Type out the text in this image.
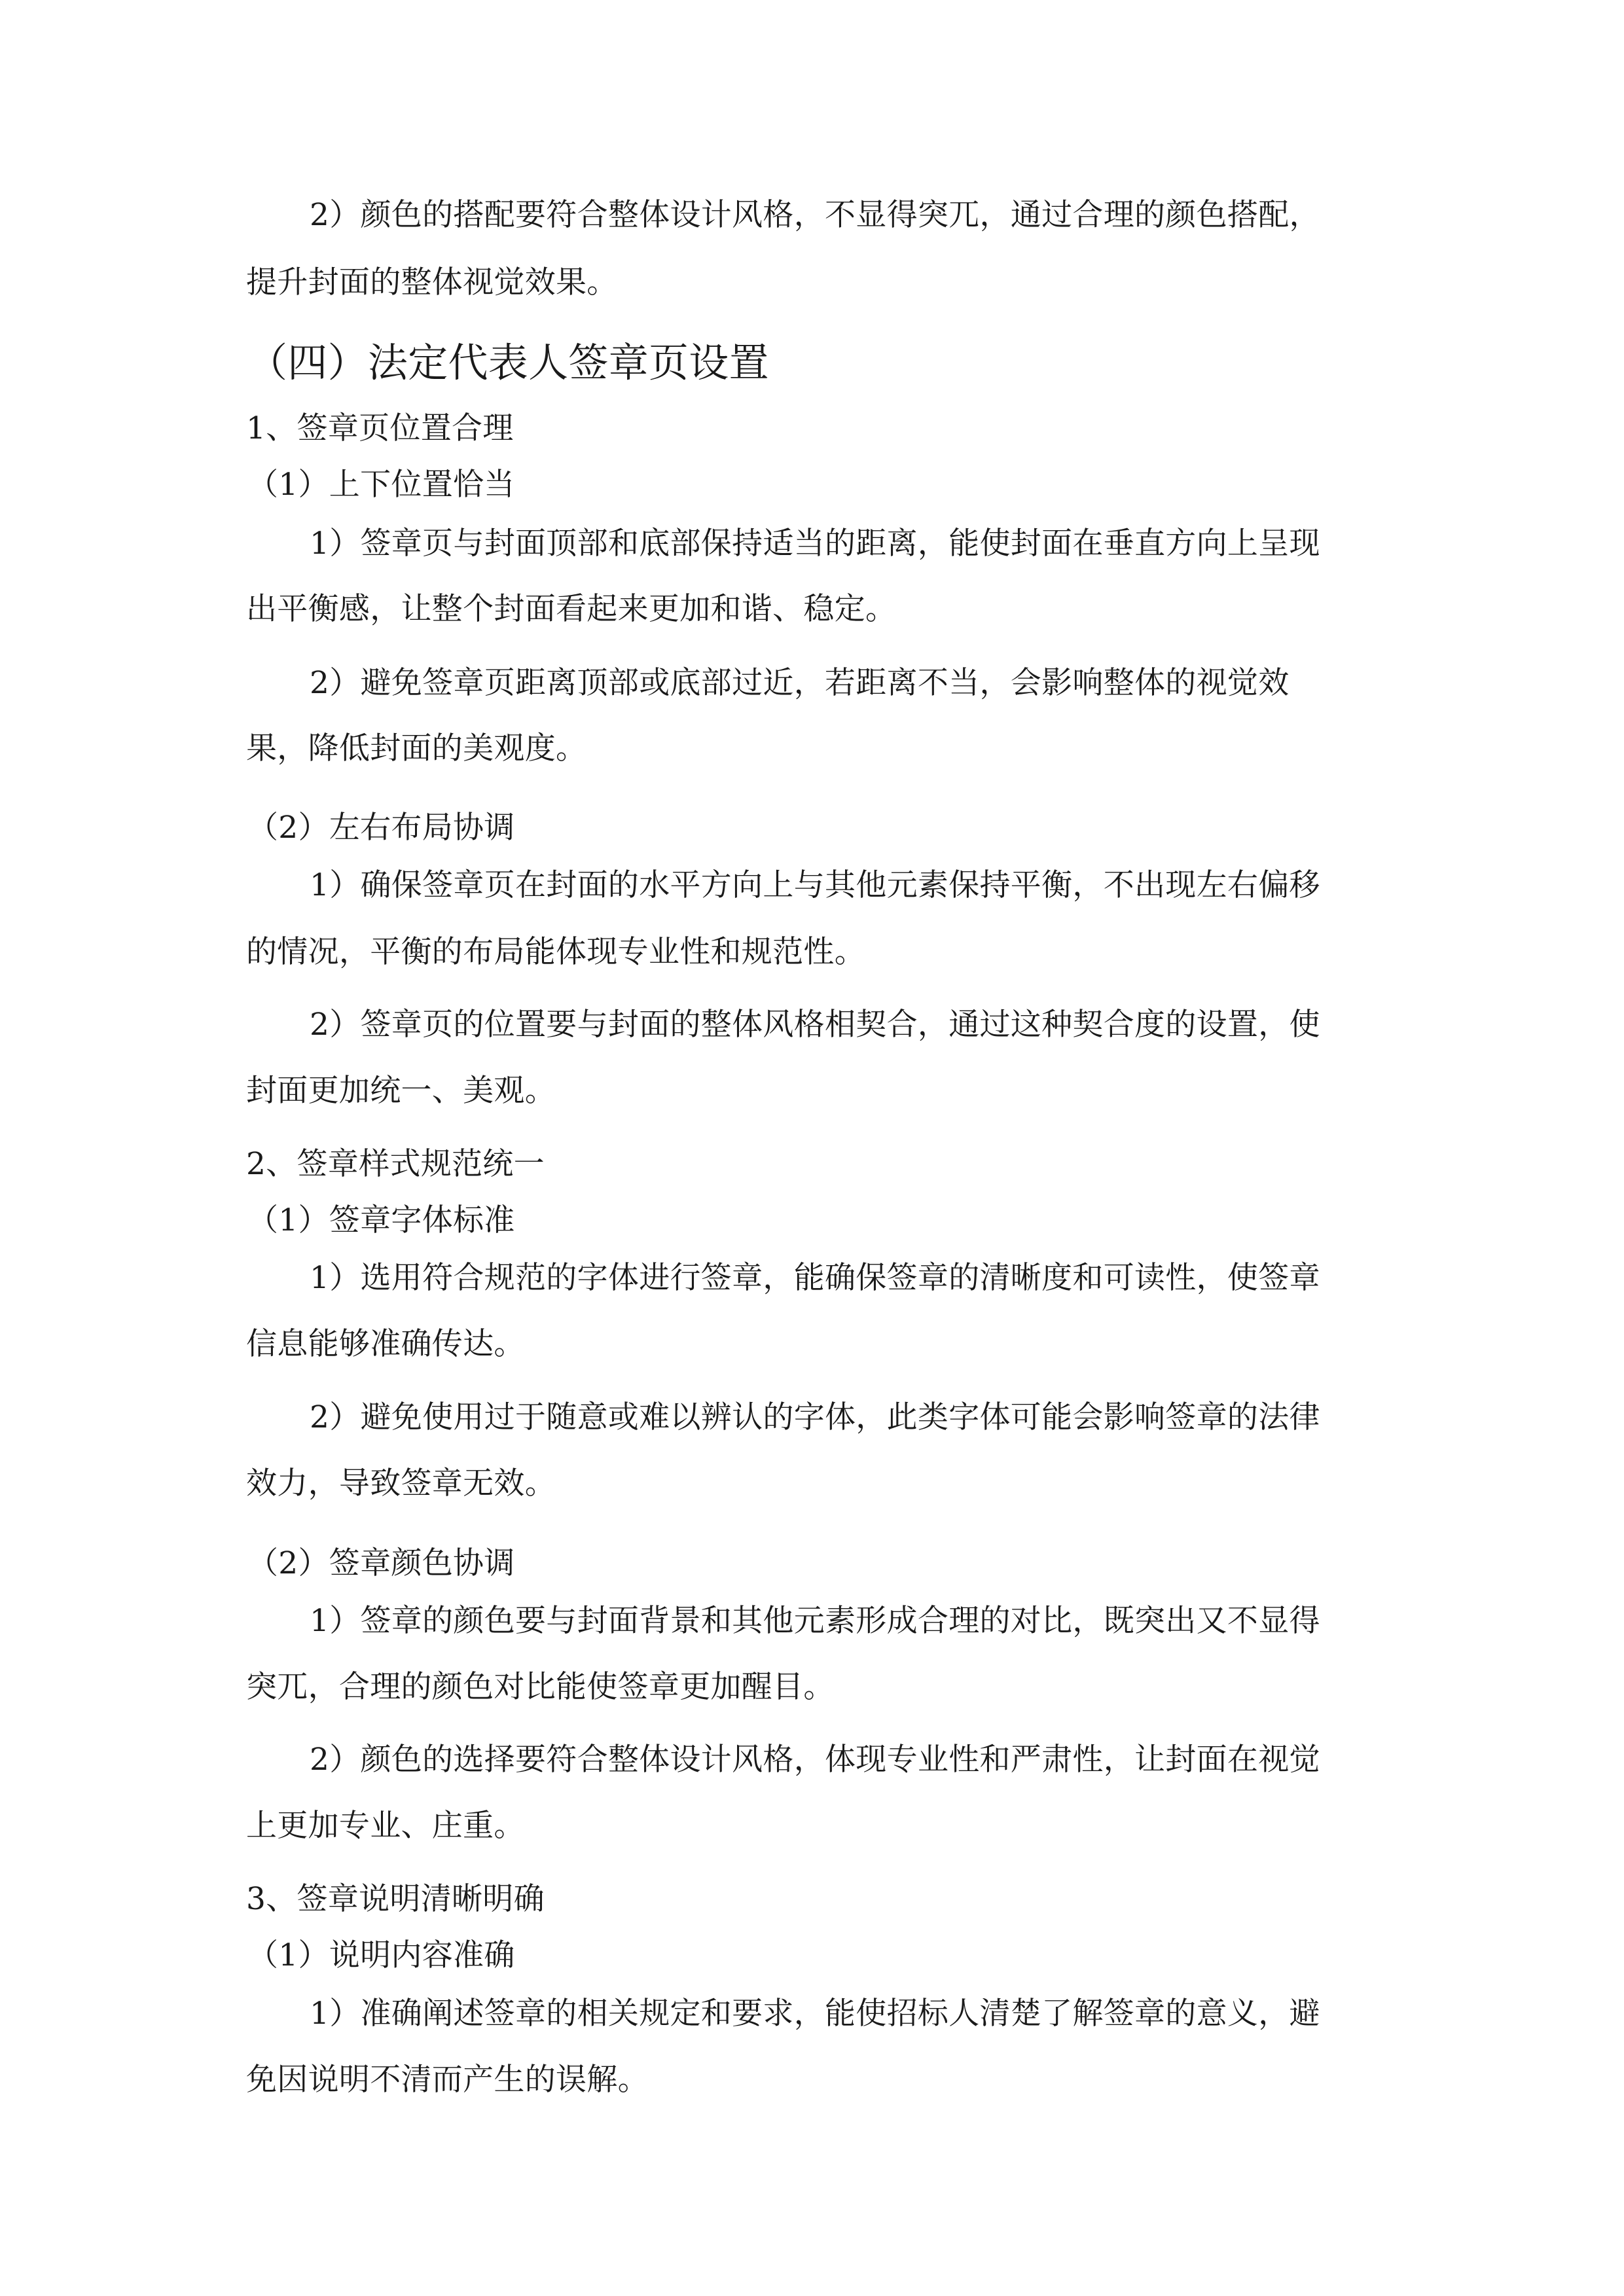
2）颜色的搭配要符合整体设计风格，不显得突兀，通过合理的颜色搭配，
提升封面的整体视觉效果。
（四）法定代表人签章页设置
1、签章页位置合理
（1）上下位置恰当
1）签章页与封面顶部和底部保持适当的距离，能使封面在垂直方向上呈现
出平衡感，让整个封面看起来更加和谐、稳定。
2）避免签章页距离顶部或底部过近，若距离不当，会影响整体的视觉效
果，降低封面的美观度。
（2）左右布局协调
1）确保签章页在封面的水平方向上与其他元素保持平衡，不出现左右偏移
的情况，平衡的布局能体现专业性和规范性。
2）签章页的位置要与封面的整体风格相契合，通过这种契合度的设置，使
封面更加统一、美观。
2、签章样式规范统一
（1）签章字体标准
1）选用符合规范的字体进行签章，能确保签章的清晰度和可读性，使签章
信息能够准确传达。
2）避免使用过于随意或难以辨认的字体，此类字体可能会影响签章的法律
效力，导致签章无效。
（2）签章颜色协调
1）签章的颜色要与封面背景和其他元素形成合理的对比，既突出又不显得
突兀，合理的颜色对比能使签章更加醒目。
2）颜色的选择要符合整体设计风格，体现专业性和严肃性，让封面在视觉
上更加专业、庄重。
3、签章说明清晰明确
（1）说明内容准确
1）准确阐述签章的相关规定和要求，能使招标人清楚了解签章的意义，避
免因说明不清而产生的误解。
